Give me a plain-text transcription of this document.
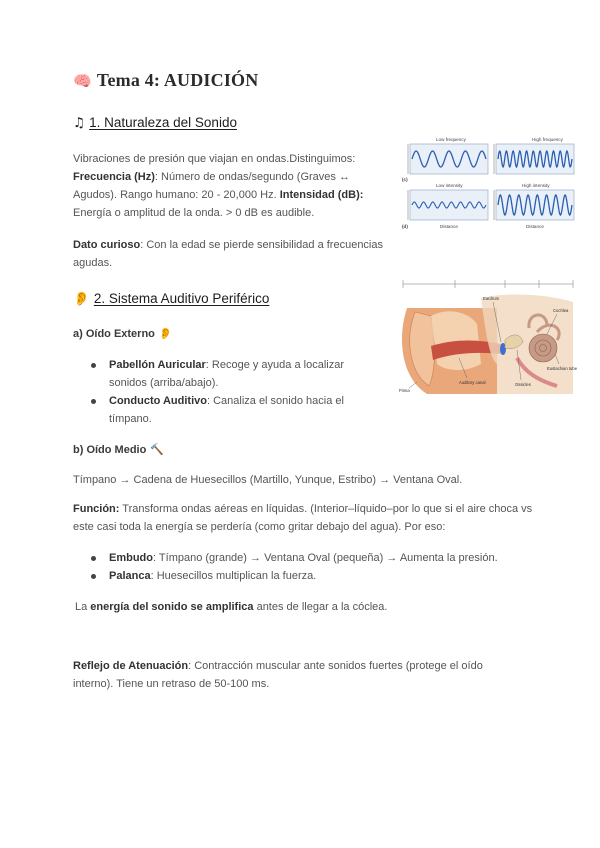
🧠 Tema 4: AUDICIÓN
♫ 1. Naturaleza del Sonido
Vibraciones de presión que viajan en ondas.Distinguimos: Frecuencia (Hz): Número de ondas/segundo (Graves ↔ Agudos). Rango humano: 20 - 20,000 Hz. Intensidad (dB): Energía o amplitud de la onda. > 0 dB es audible.
Dato curioso: Con la edad se pierde sensibilidad a frecuencias agudas.
Low frequency	High frequency
Low intensity	High intensity
Distance	Distance
(c)
(d)
👂 2. Sistema Auditivo Periférico
Pinna
Eardrum
Cochlea
Auditory canal	Ossicles
Eustachian tube
a) Oído Externo 👂
Pabellón Auricular: Recoge y ayuda a localizar sonidos (arriba/abajo).
Conducto Auditivo: Canaliza el sonido hacia el tímpano.
b) Oído Medio 🔨
Tímpano → Cadena de Huesecillos (Martillo, Yunque, Estribo) → Ventana Oval.
Función: Transforma ondas aéreas en líquidas. (Interior–líquido–por lo que si el aire choca vs este casi toda la energía se perdería (como gritar debajo del agua). Por eso:
Embudo: Tímpano (grande) → Ventana Oval (pequeña) → Aumenta la presión.
Palanca: Huesecillos multiplican la fuerza.
La energía del sonido se amplifica antes de llegar a la cóclea.
Reflejo de Atenuación: Contracción muscular ante sonidos fuertes (protege el oído interno). Tiene un retraso de 50-100 ms.
